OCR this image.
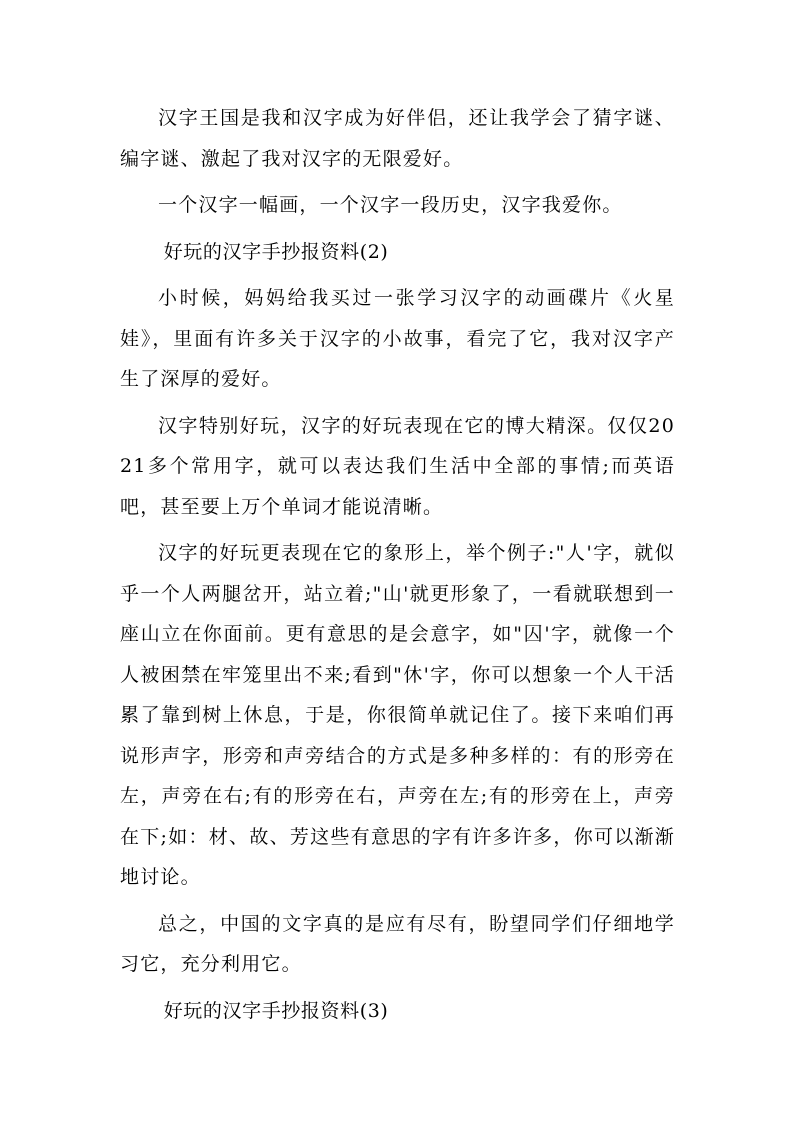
汉字王国是我和汉字成为好伴侣，还让我学会了猜字谜、编字谜、激起了我对汉字的无限爱好。

一个汉字一幅画，一个汉字一段历史，汉字我爱你。

好玩的汉字手抄报资料(2)

小时候，妈妈给我买过一张学习汉字的动画碟片《火星娃》，里面有许多关于汉字的小故事，看完了它，我对汉字产生了深厚的爱好。

汉字特别好玩，汉字的好玩表现在它的博大精深。仅仅2021多个常用字，就可以表达我们生活中全部的事情;而英语吧，甚至要上万个单词才能说清晰。

汉字的好玩更表现在它的象形上，举个例子:"人'字，就似乎一个人两腿岔开，站立着;"山'就更形象了，一看就联想到一座山立在你面前。更有意思的是会意字，如"囚'字，就像一个人被困禁在牢笼里出不来;看到"休'字，你可以想象一个人干活累了靠到树上休息，于是，你很简单就记住了。接下来咱们再说形声字，形旁和声旁结合的方式是多种多样的：有的形旁在左，声旁在右;有的形旁在右，声旁在左;有的形旁在上，声旁在下;如：材、故、芳这些有意思的字有许多许多，你可以渐渐地讨论。

总之，中国的文字真的是应有尽有，盼望同学们仔细地学习它，充分利用它。

好玩的汉字手抄报资料(3)
